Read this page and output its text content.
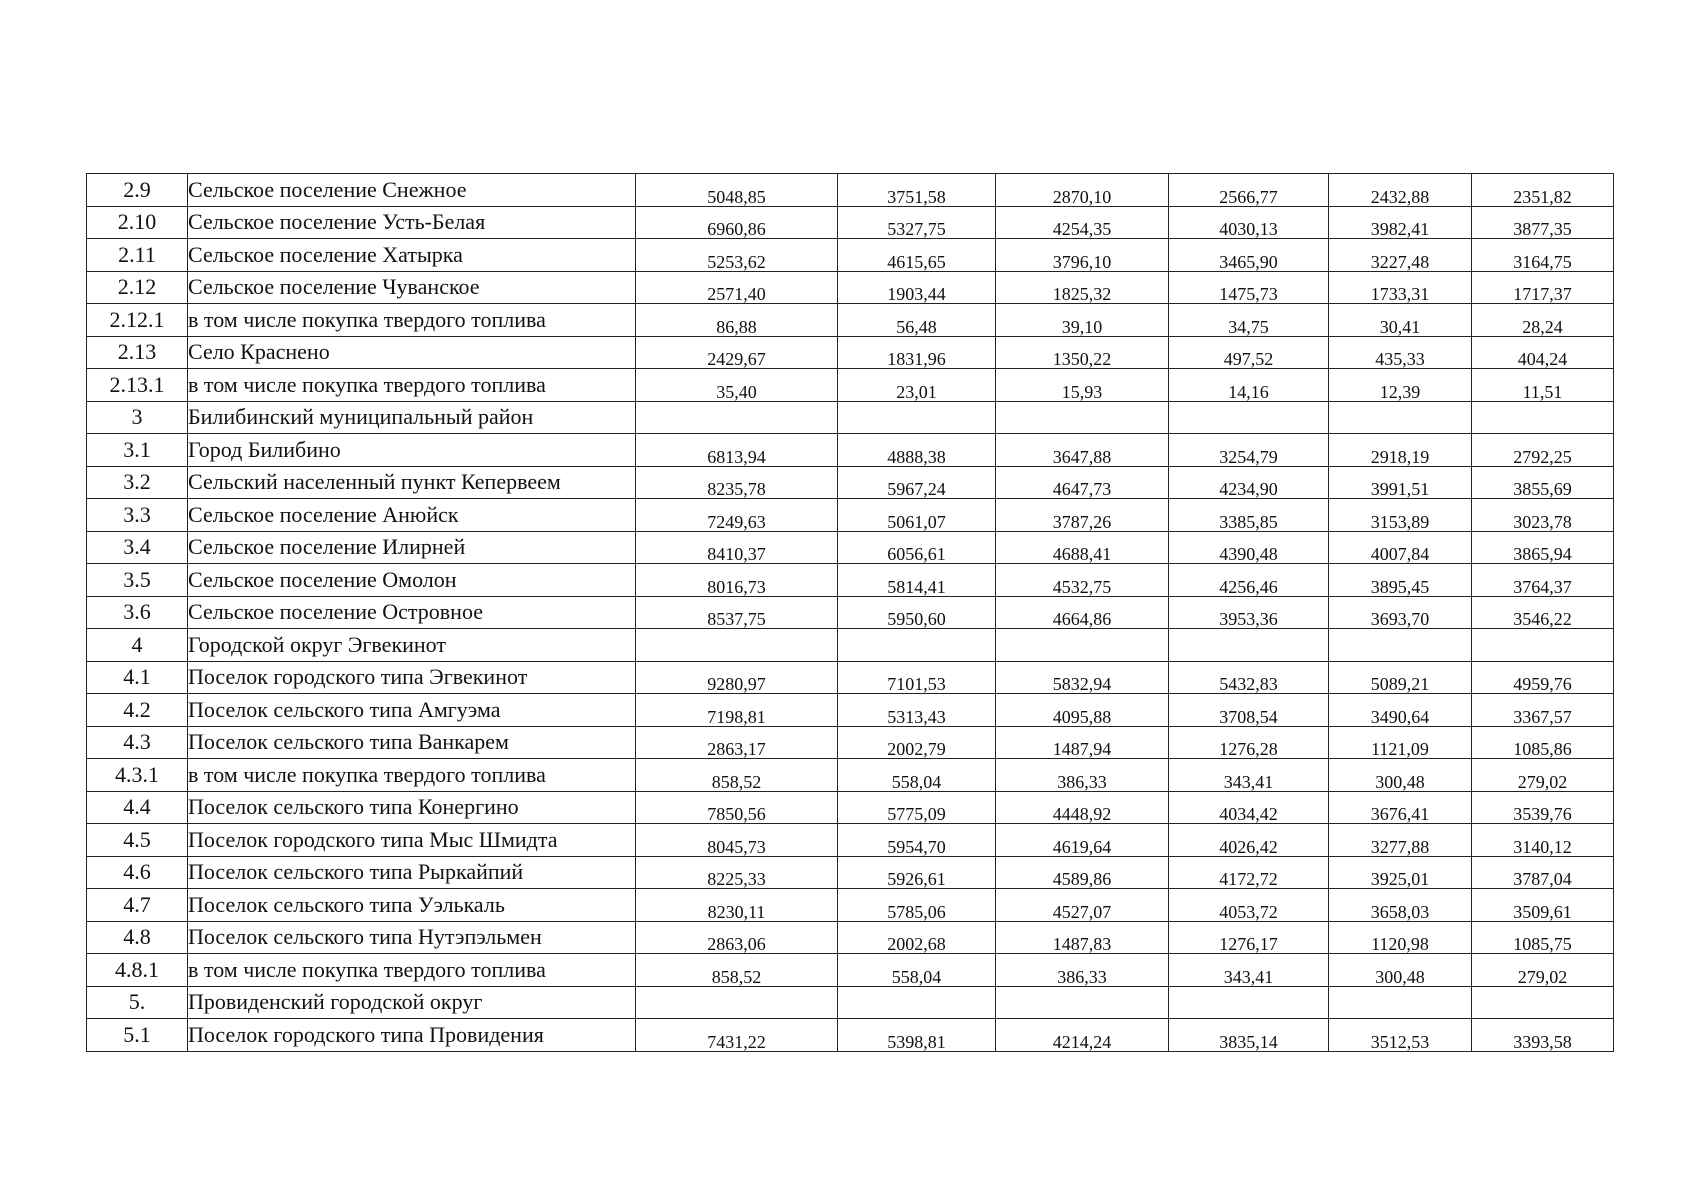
2.9	Сельское поселение Снежное	5048,85	3751,58	2870,10	2566,77	2432,88	2351,82
2.10	Сельское поселение Усть-Белая	6960,86	5327,75	4254,35	4030,13	3982,41	3877,35
2.11	Сельское поселение Хатырка	5253,62	4615,65	3796,10	3465,90	3227,48	3164,75
2.12	Сельское поселение Чуванское	2571,40	1903,44	1825,32	1475,73	1733,31	1717,37
2.12.1	в том числе покупка твердого топлива	86,88	56,48	39,10	34,75	30,41	28,24
2.13	Село Краснено	2429,67	1831,96	1350,22	497,52	435,33	404,24
2.13.1	в том числе покупка твердого топлива	35,40	23,01	15,93	14,16	12,39	11,51
3	Билибинский муниципальный район						
3.1	Город Билибино	6813,94	4888,38	3647,88	3254,79	2918,19	2792,25
3.2	Сельский населенный пункт Кепервеем	8235,78	5967,24	4647,73	4234,90	3991,51	3855,69
3.3	Сельское поселение Анюйск	7249,63	5061,07	3787,26	3385,85	3153,89	3023,78
3.4	Сельское поселение Илирней	8410,37	6056,61	4688,41	4390,48	4007,84	3865,94
3.5	Сельское поселение Омолон	8016,73	5814,41	4532,75	4256,46	3895,45	3764,37
3.6	Сельское поселение Островное	8537,75	5950,60	4664,86	3953,36	3693,70	3546,22
4	Городской округ Эгвекинот						
4.1	Поселок городского типа Эгвекинот	9280,97	7101,53	5832,94	5432,83	5089,21	4959,76
4.2	Поселок сельского типа Амгуэма	7198,81	5313,43	4095,88	3708,54	3490,64	3367,57
4.3	Поселок сельского типа Ванкарем	2863,17	2002,79	1487,94	1276,28	1121,09	1085,86
4.3.1	в том числе покупка твердого топлива	858,52	558,04	386,33	343,41	300,48	279,02
4.4	Поселок сельского типа Конергино	7850,56	5775,09	4448,92	4034,42	3676,41	3539,76
4.5	Поселок городского типа Мыс Шмидта	8045,73	5954,70	4619,64	4026,42	3277,88	3140,12
4.6	Поселок сельского типа Рыркайпий	8225,33	5926,61	4589,86	4172,72	3925,01	3787,04
4.7	Поселок сельского типа Уэлькаль	8230,11	5785,06	4527,07	4053,72	3658,03	3509,61
4.8	Поселок сельского типа Нутэпэльмен	2863,06	2002,68	1487,83	1276,17	1120,98	1085,75
4.8.1	в том числе покупка твердого топлива	858,52	558,04	386,33	343,41	300,48	279,02
5.	Провиденский городской округ						
5.1	Поселок городского типа Провидения	7431,22	5398,81	4214,24	3835,14	3512,53	3393,58
